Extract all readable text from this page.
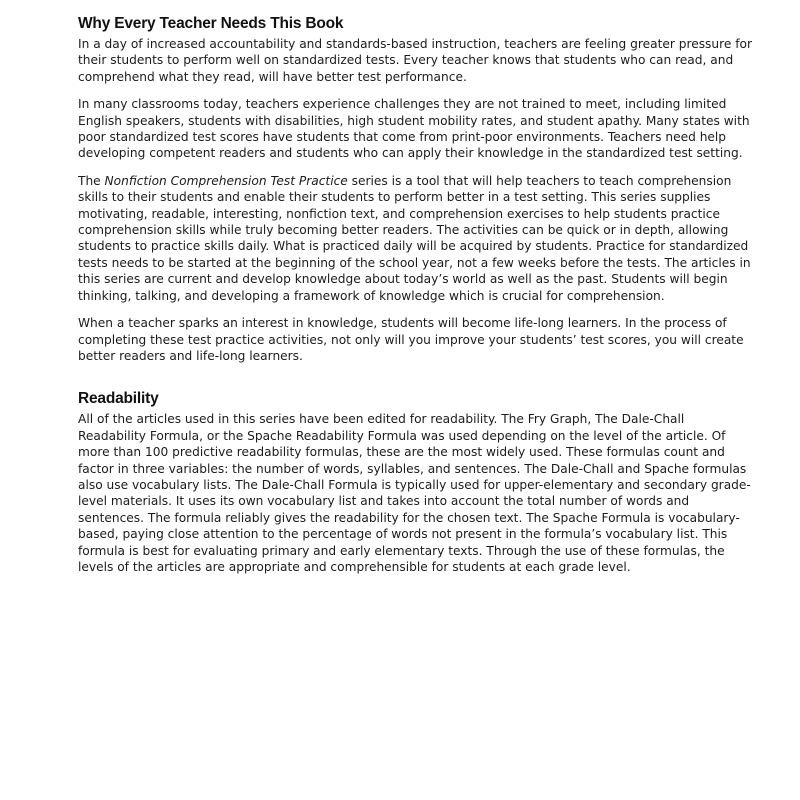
Why Every Teacher Needs This Book

In a day of increased accountability and standards-based instruction, teachers are feeling greater pressure for their students to perform well on standardized tests. Every teacher knows that students who can read, and comprehend what they read, will have better test performance.

In many classrooms today, teachers experience challenges they are not trained to meet, including limited English speakers, students with disabilities, high student mobility rates, and student apathy. Many states with poor standardized test scores have students that come from print-poor environments. Teachers need help developing competent readers and students who can apply their knowledge in the standardized test setting.

The Nonfiction Comprehension Test Practice series is a tool that will help teachers to teach comprehension skills to their students and enable their students to perform better in a test setting. This series supplies motivating, readable, interesting, nonfiction text, and comprehension exercises to help students practice comprehension skills while truly becoming better readers. The activities can be quick or in depth, allowing students to practice skills daily. What is practiced daily will be acquired by students. Practice for standardized tests needs to be started at the beginning of the school year, not a few weeks before the tests. The articles in this series are current and develop knowledge about today’s world as well as the past. Students will begin thinking, talking, and developing a framework of knowledge which is crucial for comprehension.

When a teacher sparks an interest in knowledge, students will become life-long learners. In the process of completing these test practice activities, not only will you improve your students’ test scores, you will create better readers and life-long learners.

Readability

All of the articles used in this series have been edited for readability. The Fry Graph, The Dale-Chall Readability Formula, or the Spache Readability Formula was used depending on the level of the article. Of more than 100 predictive readability formulas, these are the most widely used. These formulas count and factor in three variables: the number of words, syllables, and sentences. The Dale-Chall and Spache formulas also use vocabulary lists. The Dale-Chall Formula is typically used for upper-elementary and secondary grade-level materials. It uses its own vocabulary list and takes into account the total number of words and sentences. The formula reliably gives the readability for the chosen text. The Spache Formula is vocabulary-based, paying close attention to the percentage of words not present in the formula’s vocabulary list. This formula is best for evaluating primary and early elementary texts. Through the use of these formulas, the levels of the articles are appropriate and comprehensible for students at each grade level.
